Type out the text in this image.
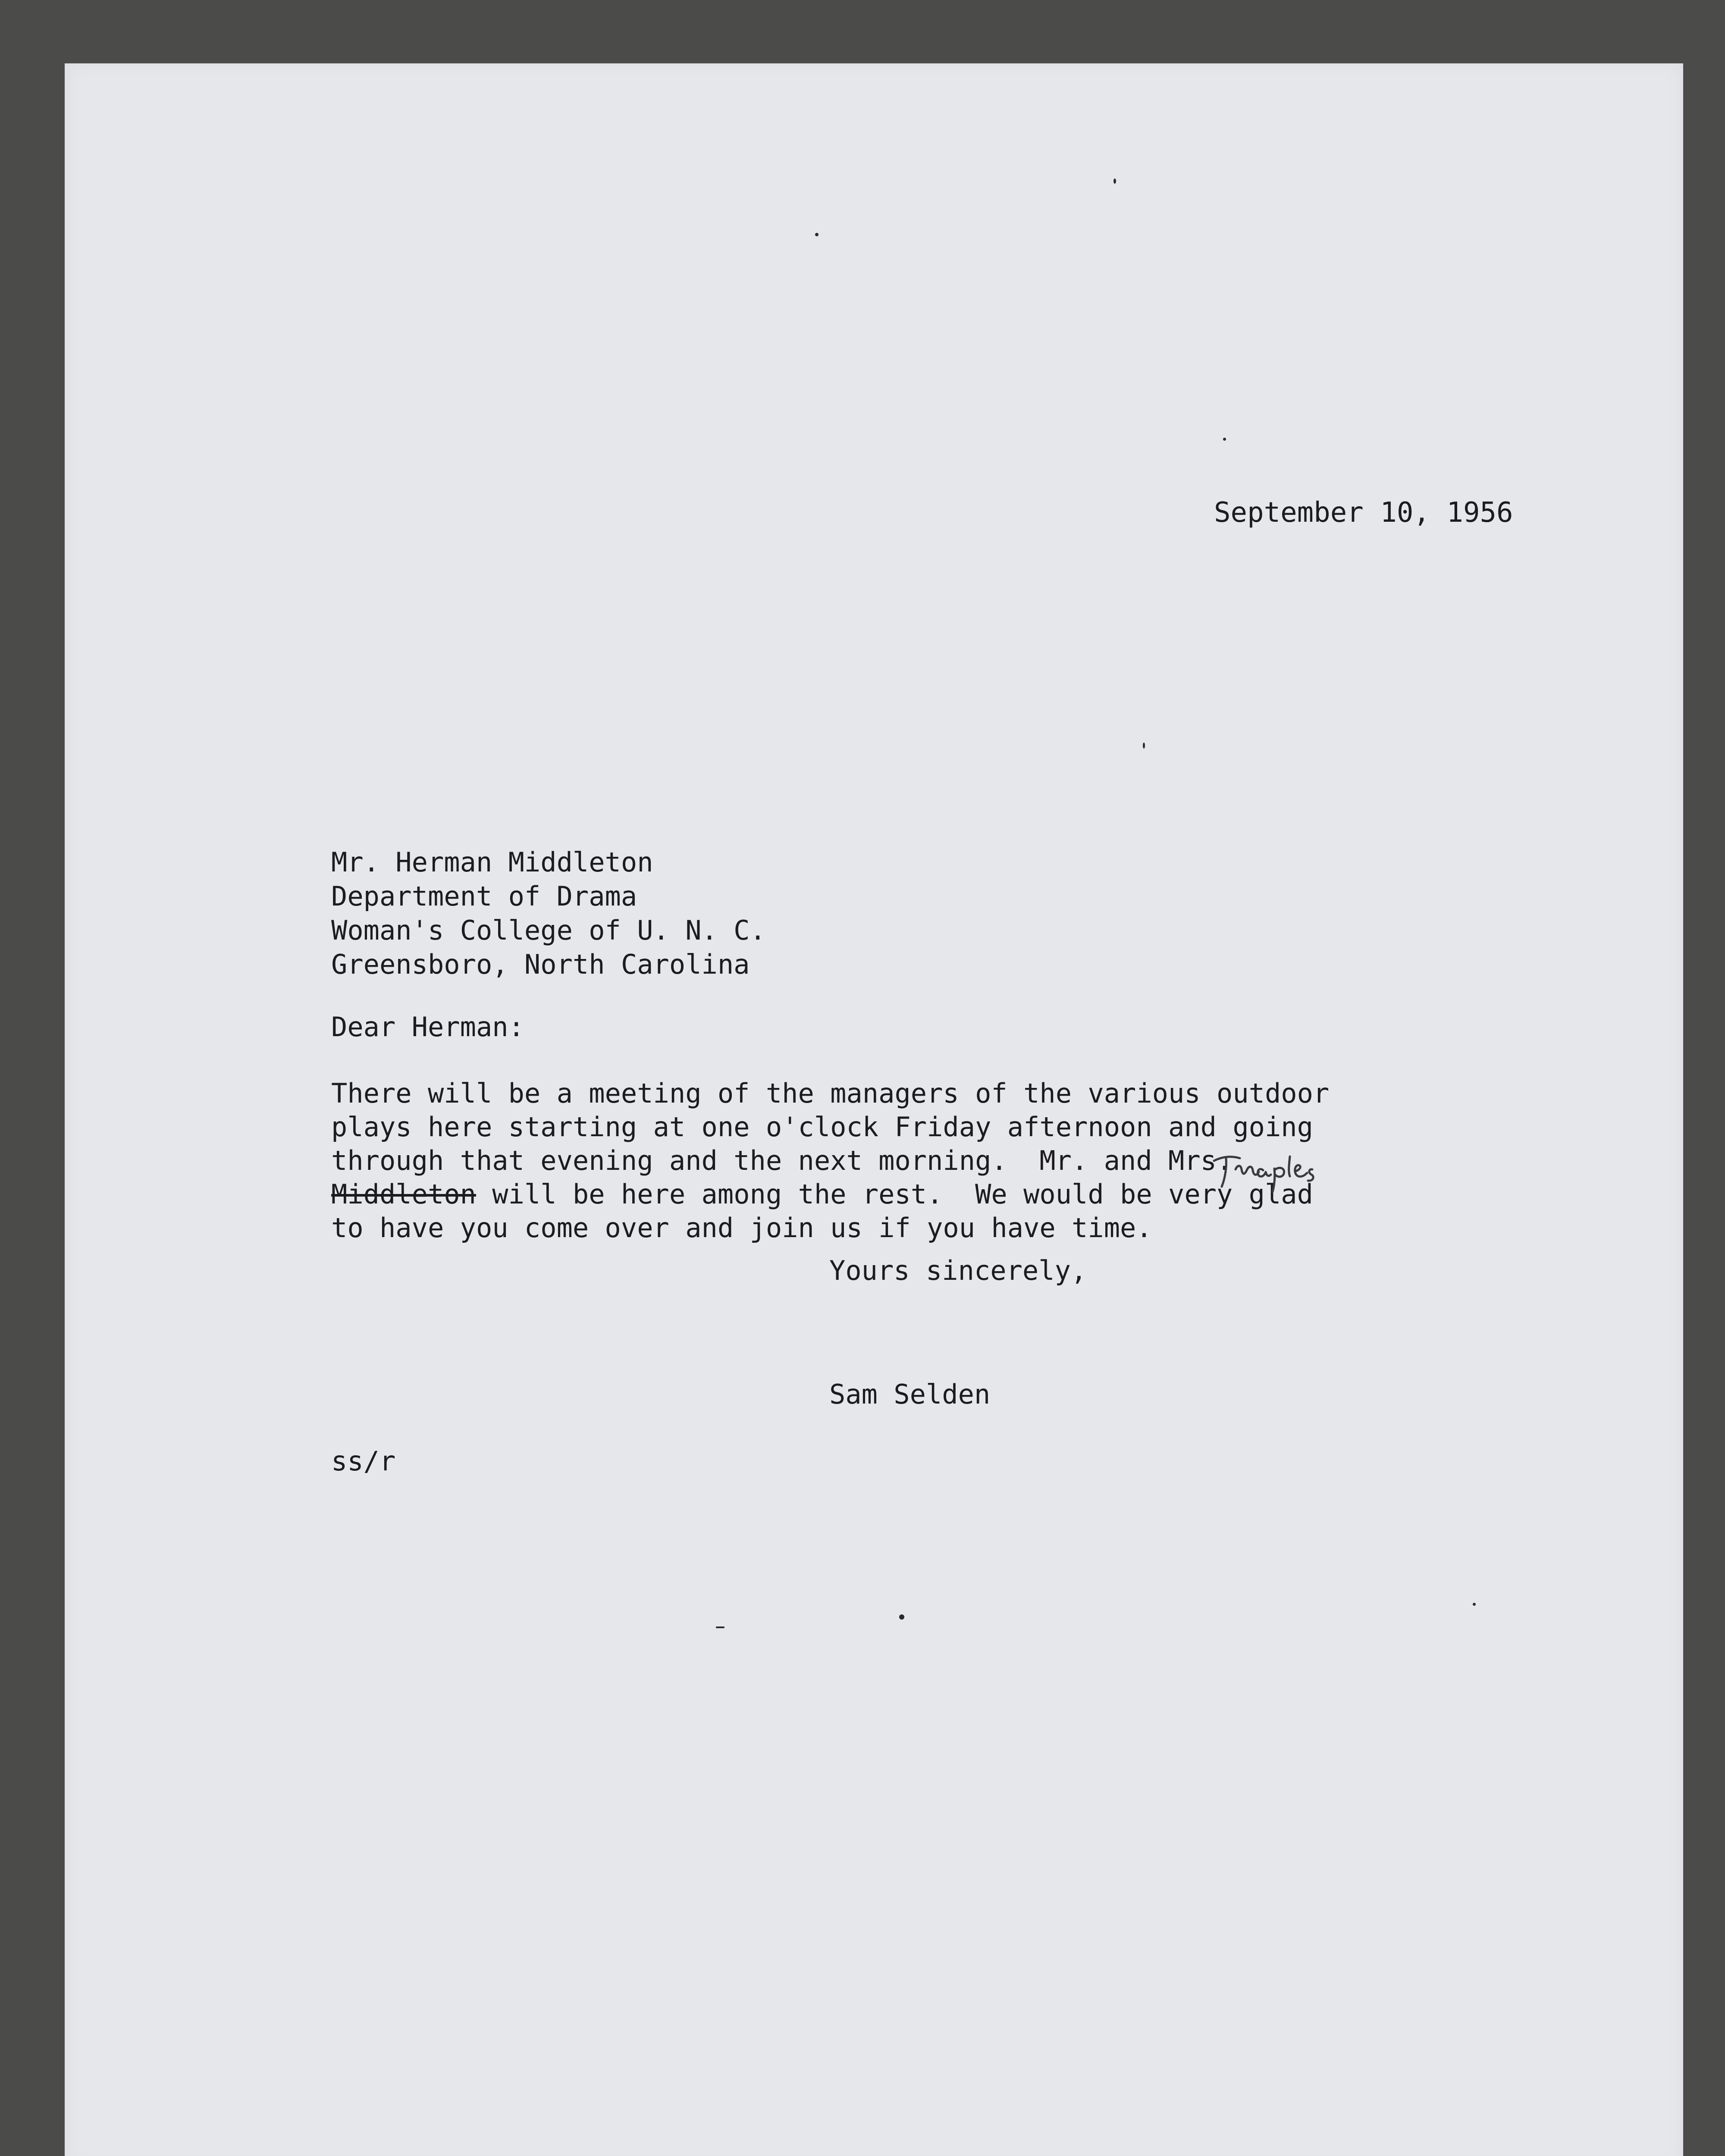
September 10, 1956
Mr. Herman Middleton
Department of Drama
Woman's College of U. N. C.
Greensboro, North Carolina
Dear Herman:
There will be a meeting of the managers of the various outdoor
plays here starting at one o'clock Friday afternoon and going
through that evening and the next morning.  Mr. and Mrs.
Middleton will be here among the rest.  We would be very glad
to have you come over and join us if you have time.
Yours sincerely,
Sam Selden
ss/r
